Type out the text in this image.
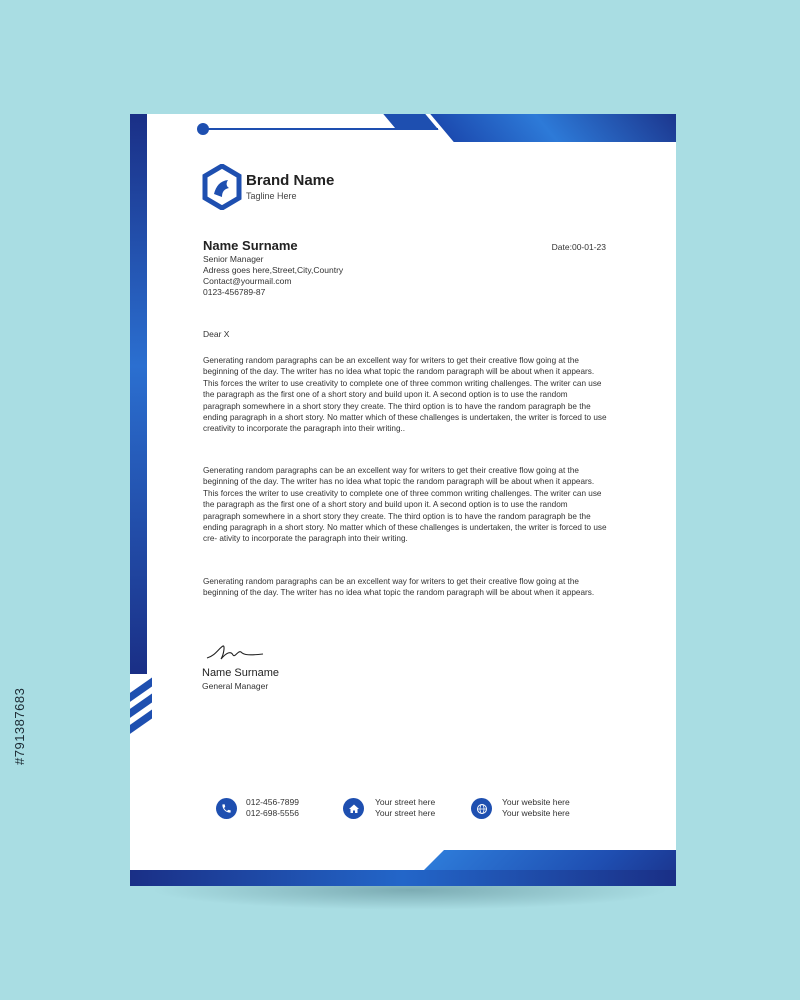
Brand Name
Tagline Here
Name Surname
Senior Manager
Adress goes here,Street,City,Country
Contact@yourmail.com
0123-456789-87
Date:00-01-23
Dear X
Generating random paragraphs can be an excellent way for writers to get their creative flow going at the beginning of the day. The writer has no idea what topic the random paragraph will be about when it appears. This forces the writer to use creativity to complete one of three common writing challenges. The writer can use the paragraph as the first one of a short story and build upon it. A second option is to use the random paragraph somewhere in a short story they create. The third option is to have the random paragraph be the ending paragraph in a short story. No matter which of these challenges is undertaken, the writer is forced to use creativity to incorporate the paragraph into their writing..
Generating random paragraphs can be an excellent way for writers to get their creative flow going at the beginning of the day. The writer has no idea what topic the random paragraph will be about when it appears. This forces the writer to use creativity to complete one of three common writing challenges. The writer can use the paragraph as the first one of a short story and build upon it. A second option is to use the random paragraph somewhere in a short story they create. The third option is to have the random paragraph be the ending paragraph in a short story. No matter which of these challenges is undertaken, the writer is forced to use cre- ativity to incorporate the paragraph into their writing.
Generating random paragraphs can be an excellent way for writers to get their creative flow going at the beginning of the day. The writer has no idea what topic the random paragraph will be about when it appears.
Name Surname
General Manager
012-456-7899
012-698-5556
Your street here
Your street here
Your website here
Your website here
#791387683
